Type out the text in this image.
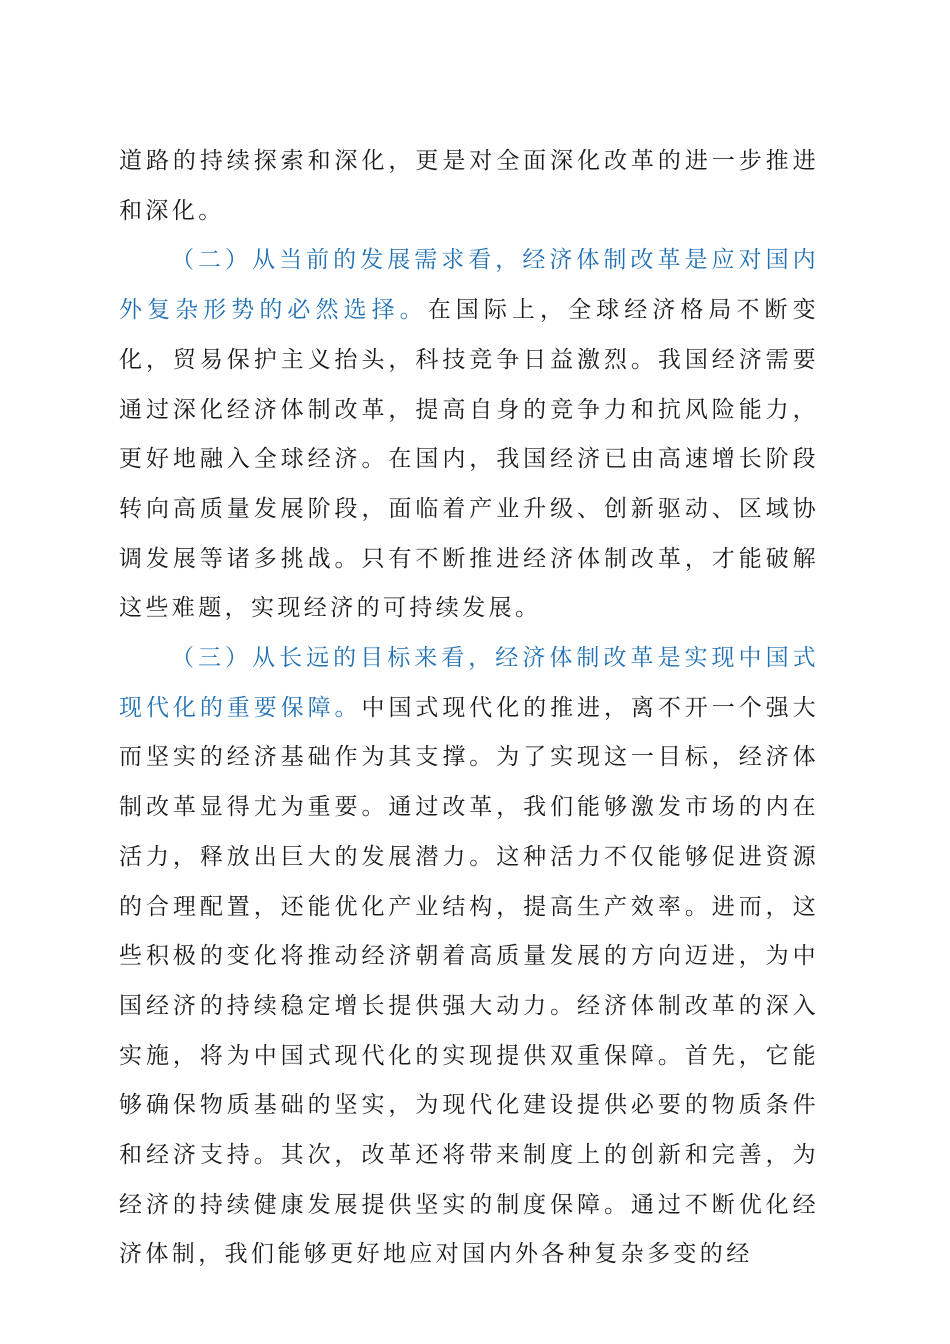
道路的持续探索和深化，更是对全面深化改革的进一步推进和深化。

（二）从当前的发展需求看，经济体制改革是应对国内外复杂形势的必然选择。在国际上，全球经济格局不断变化，贸易保护主义抬头，科技竞争日益激烈。我国经济需要通过深化经济体制改革，提高自身的竞争力和抗风险能力，更好地融入全球经济。在国内，我国经济已由高速增长阶段转向高质量发展阶段，面临着产业升级、创新驱动、区域协调发展等诸多挑战。只有不断推进经济体制改革，才能破解这些难题，实现经济的可持续发展。

（三）从长远的目标来看，经济体制改革是实现中国式现代化的重要保障。中国式现代化的推进，离不开一个强大而坚实的经济基础作为其支撑。为了实现这一目标，经济体制改革显得尤为重要。通过改革，我们能够激发市场的内在活力，释放出巨大的发展潜力。这种活力不仅能够促进资源的合理配置，还能优化产业结构，提高生产效率。进而，这些积极的变化将推动经济朝着高质量发展的方向迈进，为中国经济的持续稳定增长提供强大动力。经济体制改革的深入实施，将为中国式现代化的实现提供双重保障。首先，它能够确保物质基础的坚实，为现代化建设提供必要的物质条件和经济支持。其次，改革还将带来制度上的创新和完善，为经济的持续健康发展提供坚实的制度保障。通过不断优化经济体制，我们能够更好地应对国内外各种复杂多变的经
